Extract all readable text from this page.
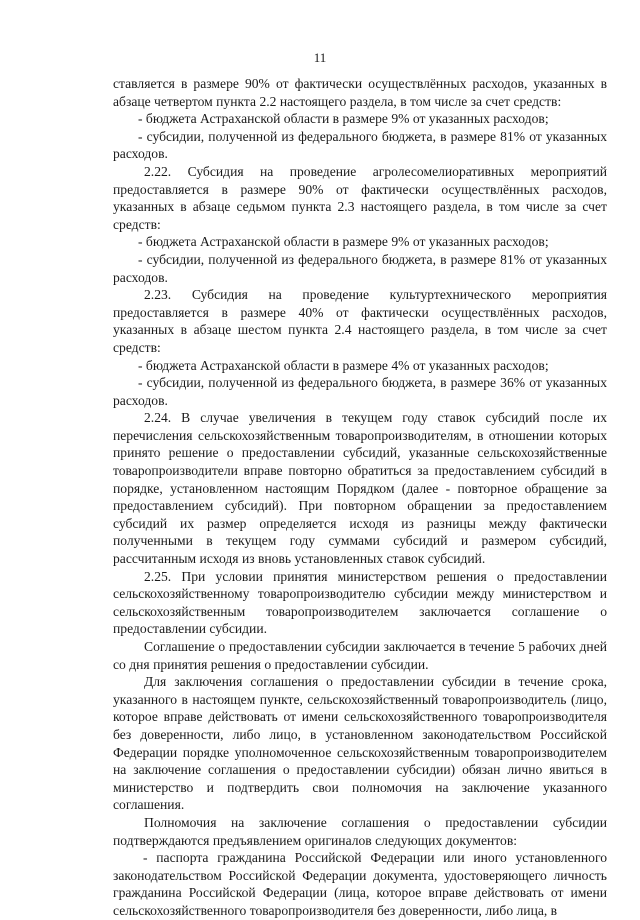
11

ставляется в размере 90% от фактически осуществлённых расходов, указанных в абзаце четвертом пункта 2.2 настоящего раздела, в том числе за счет средств:

- бюджета Астраханской области в размере 9% от указанных расходов;

- субсидии, полученной из федерального бюджета, в размере 81% от указанных расходов.

2.22. Субсидия на проведение агролесомелиоративных мероприятий предоставляется в размере 90% от фактически осуществлённых расходов, указанных в абзаце седьмом пункта 2.3 настоящего раздела, в том числе за счет средств:

- бюджета Астраханской области в размере 9% от указанных расходов;

- субсидии, полученной из федерального бюджета, в размере 81% от указанных расходов.

2.23. Субсидия на проведение культуртехнического мероприятия предоставляется в размере 40% от фактически осуществлённых расходов, указанных в абзаце шестом пункта 2.4 настоящего раздела, в том числе за счет средств:

- бюджета Астраханской области в размере 4% от указанных расходов;

- субсидии, полученной из федерального бюджета, в размере 36% от указанных расходов.

2.24. В случае увеличения в текущем году ставок субсидий после их перечисления сельскохозяйственным товаропроизводителям, в отношении которых принято решение о предоставлении субсидий, указанные сельскохозяйственные товаропроизводители вправе повторно обратиться за предоставлением субсидий в порядке, установленном настоящим Порядком (далее - повторное обращение за предоставлением субсидий). При повторном обращении за предоставлением субсидий их размер определяется исходя из разницы между фактически полученными в текущем году суммами субсидий и размером субсидий, рассчитанным исходя из вновь установленных ставок субсидий.

2.25. При условии принятия министерством решения о предоставлении сельскохозяйственному товаропроизводителю субсидии между министерством и сельскохозяйственным товаропроизводителем заключается соглашение о предоставлении субсидии.

Соглашение о предоставлении субсидии заключается в течение 5 рабочих дней со дня принятия решения о предоставлении субсидии.

Для заключения соглашения о предоставлении субсидии в течение срока, указанного в настоящем пункте, сельскохозяйственный товаропроизводитель (лицо, которое вправе действовать от имени сельскохозяйственного товаропроизводителя без доверенности, либо лицо, в установленном законодательством Российской Федерации порядке уполномоченное сельскохозяйственным товаропроизводителем на заключение соглашения о предоставлении субсидии) обязан лично явиться в министерство и подтвердить свои полномочия на заключение указанного соглашения.

Полномочия на заключение соглашения о предоставлении субсидии подтверждаются предъявлением оригиналов следующих документов:

- паспорта гражданина Российской Федерации или иного установленного законодательством Российской Федерации документа, удостоверяющего личность гражданина Российской Федерации (лица, которое вправе действовать от имени сельскохозяйственного товаропроизводителя без доверенности, либо лица, в
